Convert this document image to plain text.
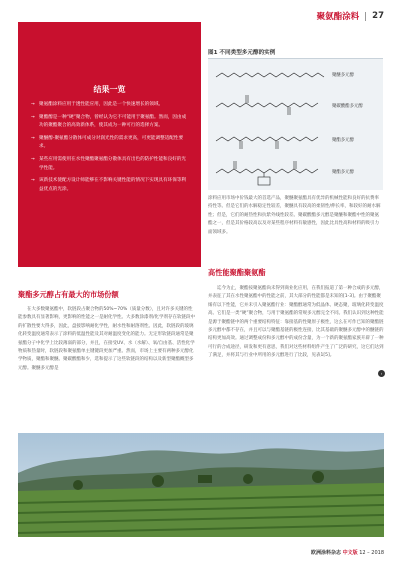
聚氨酯涂料 27
结果一览
→ 聚氨酯涂料应用于透性能应用，因此是一个快速增长的领域。
→ 聚酯醇是一种“硬”聚合物，曾经认为它不可能用于聚氨酯。然而，因由成功的聚酯聚合的高效新体系，使其成为一种可行的选择方案。
→ 聚醚醇-聚氨酯分散体可成分对润光性的需求更高，可更能调整适配性要求。
→ 某些应用需使用在水性聚酯聚氨酯分散体具有出色的防护性能和良好的光学性能。
→ 该新技术使配方设计师能够在不影响关键性能的情况下实现具有环保等利益优点的光涂。
图1 不同类型多元醇的实例
聚醚多元醇
聚碳酸酯多元醇
聚酯多元醇
聚酯多元醇

涂料应用市场中价钱最大的首选产品，聚醚聚氨酯具有优异的机械性能和良好的抗费率持性等。但是它们的水解稳定性较差，聚醚具有较高的柔韧性/伸长率，和较好的耐水解性；但是，它们的耐热性和抗紫外线性较差。聚碳酸酯多元醇是聚醚和聚酯中性的聚氨酯之一，但是其价格较高以及对某些程序材料有敏感性，因此比具性高和材料的吸引力面领域多。

高性能聚酯聚氨酯

迄今为止，聚酯按聚氨酯尚未得到商业化应用，在我们报道了第一种合成的多元醇，并表征了其在水性聚氨酯中的性能之前，其大部分的性能都是未知的[1-3]。由于聚酯聚烯有以下性能，它并未引入聚氨酯行业：聚酯醇通常为低晶体、硬态聚，玻璃化转变温度高。它们是一类“硬”聚合物，与用于聚氨酯的常规多元醇完全不同。我们认识到这种性能是源于聚酯链中的两个重要结构特征：靠接基的性聚原子极性，这么在可作已知的聚酯链多元醇中都不存在，并且可以与聚酯基链的极性连接，比其基础的聚醚多元醇中的醚链的结构更加高效。通过调整成份和多元醇中的成份含量，为一个新的聚氨酯家族开辟了一种可行的合成途径，研发和更有意思，我们对这些材料组件产生了广泛的研究，这它们达到了满足，并将其与行业中所用的多元醇进行了比较，见表1[5]。

聚酯多元醇占有最大的市场份额

在大多数聚氨酯中，软链段占聚合物的50%~70%（质量分数），且对许多关键的性能参数具有显著影响，更影响的性能之一是耐化学性。大多数涂漆剂/化学剂存在软链段中的扩散性要大得多，因此，盘接影响耐化学性，耐水性和耐溶剂性。因此，软链段的玻璃化转变温度通常表示了涂料的低温性能及其对耐温度变化的能力。无定形软链段通常是聚氨酯分子中化学上比较薄弱的部分，并且，在接受UV、水（水解）、氧/自由基、活性化学物质和热量时，软链段和聚氨酯单主键键段更加严重。然而，市场上主要有两种多元醇化学物质，聚酯和聚醚。聚碳酸酯和少，选和提示了这些软链段的结构以及新型聚酯概型多元醇。聚醚多元醇是

›
欧洲涂料杂志 中文版 12 – 2018
